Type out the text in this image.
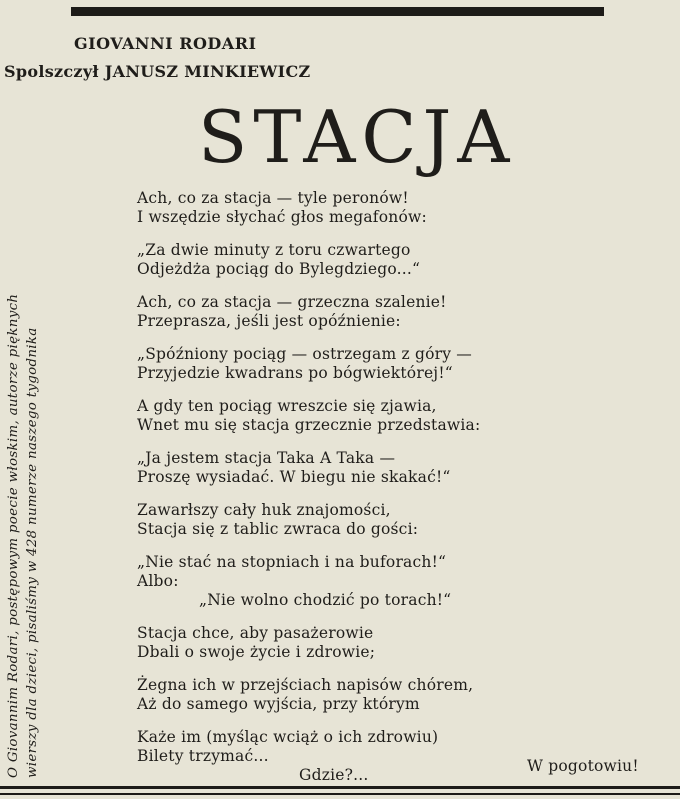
GIOVANNI RODARI
Spolszczył JANUSZ MINKIEWICZ
STACJA
O Giovannim Rodari, postępowym poecie włoskim, autorze pięknych wierszy dla dzieci, pisaliśmy w 428 numerze naszego tygodnika
Ach, co za stacja — tyle peronów!
I wszędzie słychać głos megafonów:
„Za dwie minuty z toru czwartego
Odjeżdża pociąg do Bylegdziego...“
Ach, co za stacja — grzeczna szalenie!
Przeprasza, jeśli jest opóźnienie:
„Spóźniony pociąg — ostrzegam z góry —
Przyjedzie kwadrans po bógwiektórej!“
A gdy ten pociąg wreszcie się zjawia,
Wnet mu się stacja grzecznie przedstawia:
„Ja jestem stacja Taka A Taka —
Proszę wysiadać. W biegu nie skakać!“
Zawarłszy cały huk znajomości,
Stacja się z tablic zwraca do gości:
„Nie stać na stopniach i na buforach!“
Albo:
„Nie wolno chodzić po torach!“
Stacja chce, aby pasażerowie
Dbali o swoje życie i zdrowie;
Żegna ich w przejściach napisów chórem,
Aż do samego wyjścia, przy którym
Każe im (myśląc wciąż o ich zdrowiu)
Bilety trzymać...
Gdzie?...	W pogotowiu!
